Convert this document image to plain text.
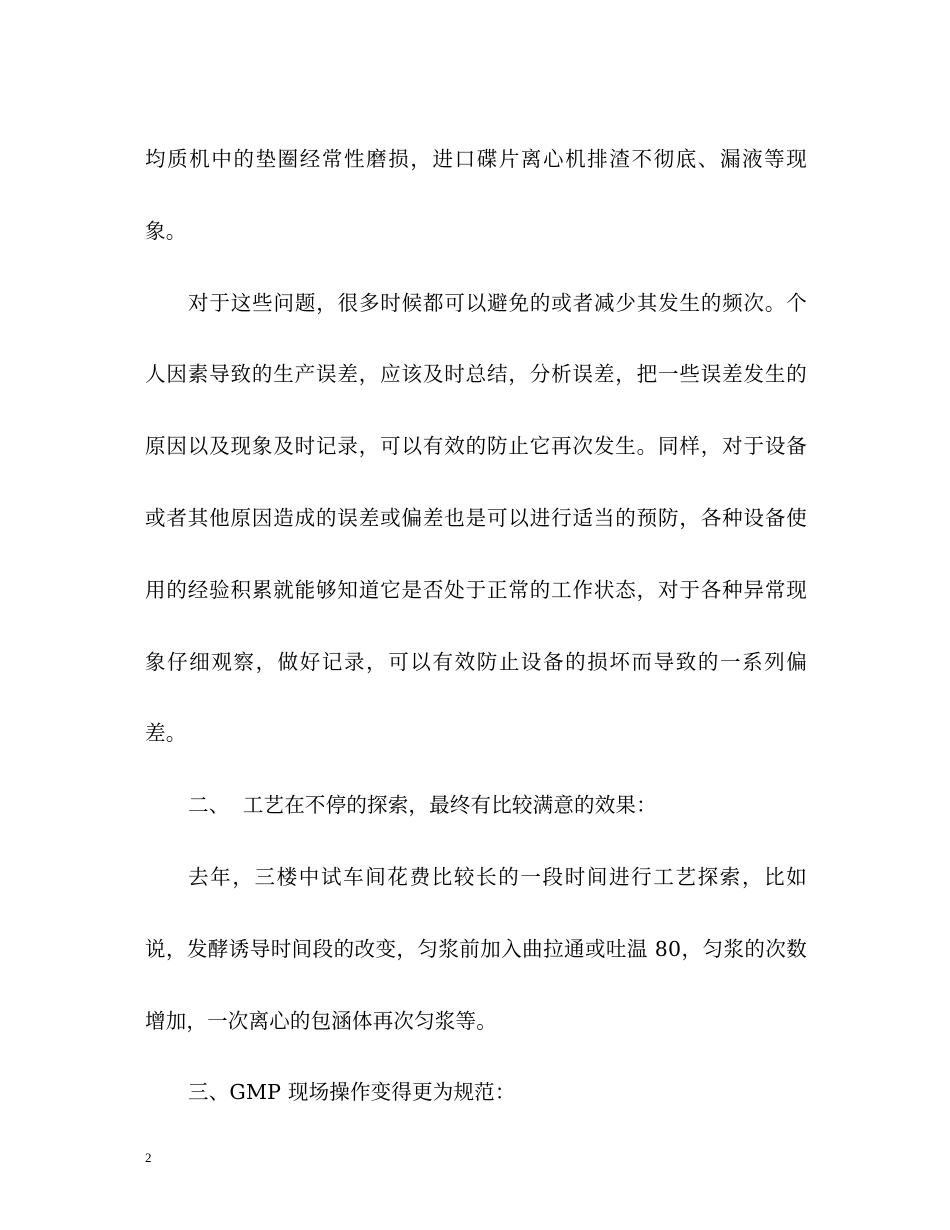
均质机中的垫圈经常性磨损，进口碟片离心机排渣不彻底、漏液等现象。

对于这些问题，很多时候都可以避免的或者减少其发生的频次。个人因素导致的生产误差，应该及时总结，分析误差，把一些误差发生的原因以及现象及时记录，可以有效的防止它再次发生。同样，对于设备或者其他原因造成的误差或偏差也是可以进行适当的预防，各种设备使用的经验积累就能够知道它是否处于正常的工作状态，对于各种异常现象仔细观察，做好记录，可以有效防止设备的损坏而导致的一系列偏差。

二、  工艺在不停的探索，最终有比较满意的效果：

去年，三楼中试车间花费比较长的一段时间进行工艺探索，比如说，发酵诱导时间段的改变，匀浆前加入曲拉通或吐温 80，匀浆的次数增加，一次离心的包涵体再次匀浆等。

三、GMP 现场操作变得更为规范：

2
